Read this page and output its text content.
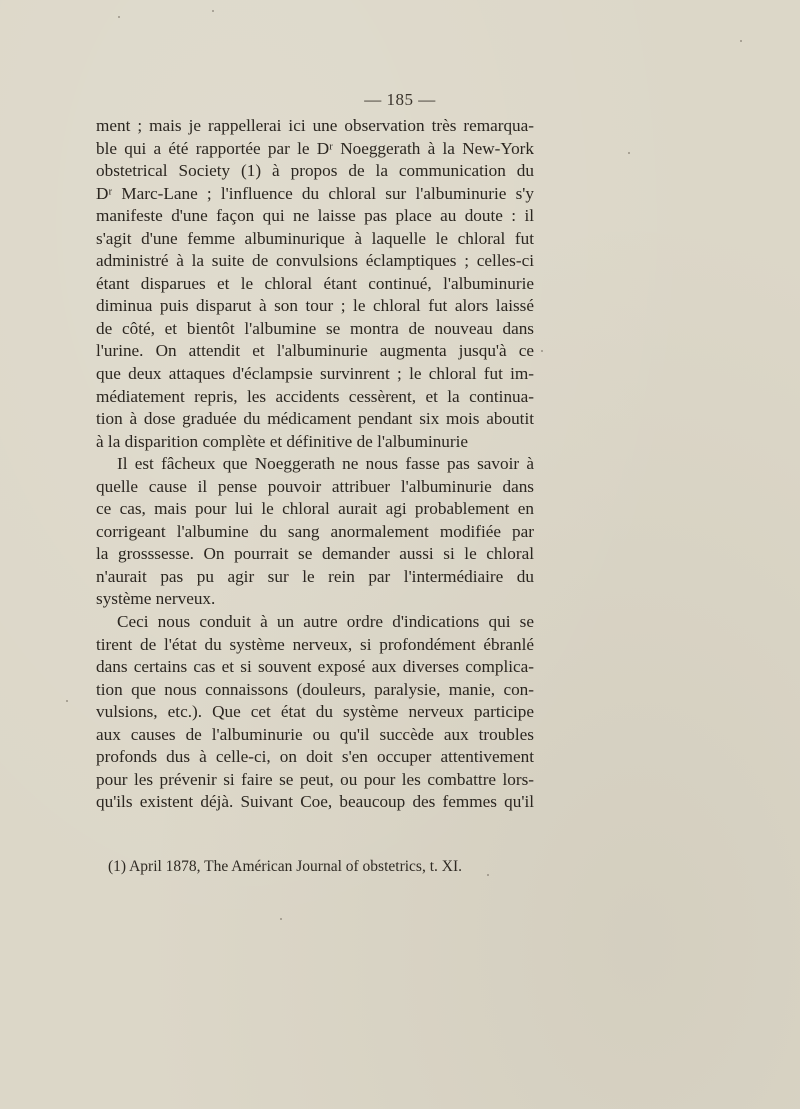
— 185 —
ment ; mais je rappellerai ici une observation très remarqua-
ble qui a été rapportée par le Dʳ Noeggerath à la New-York
obstetrical Society (1) à propos de la communication du
Dʳ Marc-Lane ; l'influence du chloral sur l'albuminurie s'y
manifeste d'une façon qui ne laisse pas place au doute : il
s'agit d'une femme albuminurique à laquelle le chloral fut
administré à la suite de convulsions éclamptiques ; celles-ci
étant disparues et le chloral étant continué, l'albuminurie
diminua puis disparut à son tour ; le chloral fut alors laissé
de côté, et bientôt l'albumine se montra de nouveau dans
l'urine. On attendit et l'albuminurie augmenta jusqu'à ce
que deux attaques d'éclampsie survinrent ; le chloral fut im-
médiatement repris, les accidents cessèrent, et la continua-
tion à dose graduée du médicament pendant six mois aboutit
à la disparition complète et définitive de l'albuminurie
Il est fâcheux que Noeggerath ne nous fasse pas savoir à
quelle cause il pense pouvoir attribuer l'albuminurie dans
ce cas, mais pour lui le chloral aurait agi probablement en
corrigeant l'albumine du sang anormalement modifiée par
la grosssesse. On pourrait se demander aussi si le chloral
n'aurait pas pu agir sur le rein par l'intermédiaire du
système nerveux.
Ceci nous conduit à un autre ordre d'indications qui se
tirent de l'état du système nerveux, si profondément ébranlé
dans certains cas et si souvent exposé aux diverses complica-
tion que nous connaissons (douleurs, paralysie, manie, con-
vulsions, etc.). Que cet état du système nerveux participe
aux causes de l'albuminurie ou qu'il succède aux troubles
profonds dus à celle-ci, on doit s'en occuper attentivement
pour les prévenir si faire se peut, ou pour les combattre lors-
qu'ils existent déjà. Suivant Coe, beaucoup des femmes qu'il
(1) April 1878, The Américan Journal of obstetrics, t. XI.
